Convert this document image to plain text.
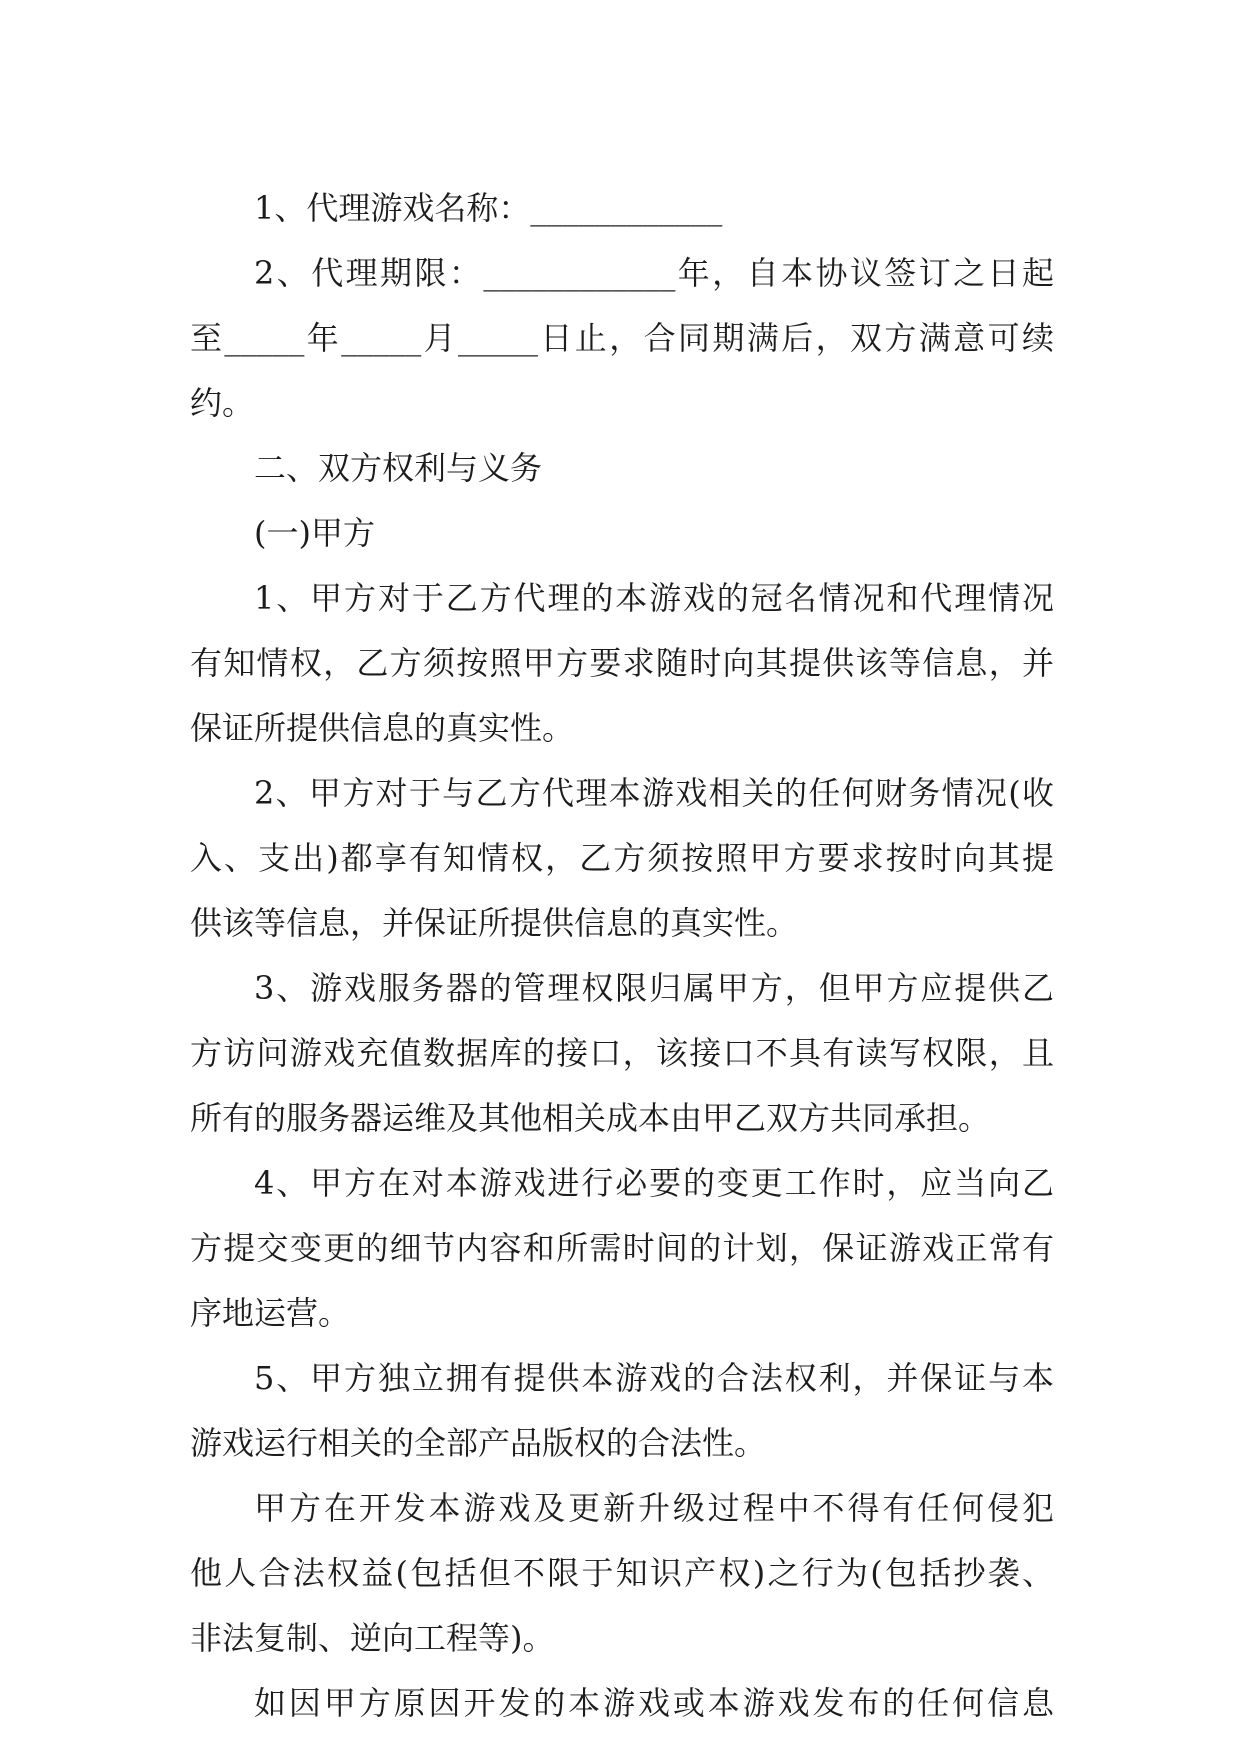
1、代理游戏名称：____________
2、代理期限：____________年，自本协议签订之日起
至_____年_____月_____日止，合同期满后，双方满意可续
约。
二、双方权利与义务
(一)甲方
1、甲方对于乙方代理的本游戏的冠名情况和代理情况
有知情权，乙方须按照甲方要求随时向其提供该等信息，并
保证所提供信息的真实性。
2、甲方对于与乙方代理本游戏相关的任何财务情况(收
入、支出)都享有知情权，乙方须按照甲方要求按时向其提
供该等信息，并保证所提供信息的真实性。
3、游戏服务器的管理权限归属甲方，但甲方应提供乙
方访问游戏充值数据库的接口，该接口不具有读写权限，且
所有的服务器运维及其他相关成本由甲乙双方共同承担。
4、甲方在对本游戏进行必要的变更工作时，应当向乙
方提交变更的细节内容和所需时间的计划，保证游戏正常有
序地运营。
5、甲方独立拥有提供本游戏的合法权利，并保证与本
游戏运行相关的全部产品版权的合法性。
甲方在开发本游戏及更新升级过程中不得有任何侵犯
他人合法权益(包括但不限于知识产权)之行为(包括抄袭、
非法复制、逆向工程等)。
如因甲方原因开发的本游戏或本游戏发布的任何信息
